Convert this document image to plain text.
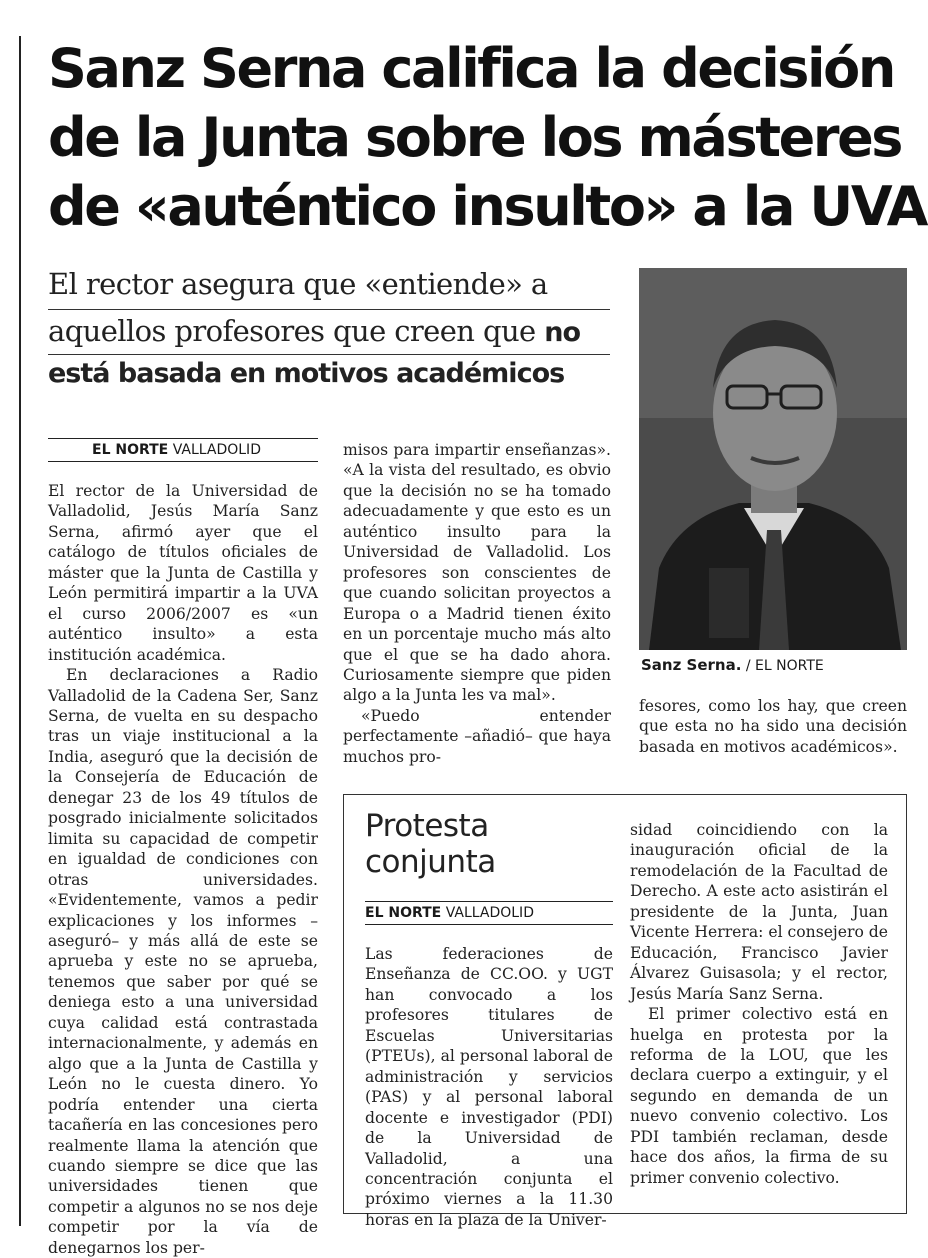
Sanz Serna califica la decisión
de la Junta sobre los másteres
de «auténtico insulto» a la UVA
El rector asegura que «entiende» a
aquellos profesores que creen que no
está basada en motivos académicos
Sanz Serna. / EL NORTE
EL NORTE VALLADOLID

El rector de la Universidad de Valladolid, Jesús María Sanz Serna, afirmó ayer que el catálogo de títulos oficiales de máster que la Junta de Castilla y León permitirá impartir a la UVA el curso 2006/2007 es «un auténtico insulto» a esta institución académica.

En declaraciones a Radio Valladolid de la Cadena Ser, Sanz Serna, de vuelta en su despacho tras un viaje institucional a la India, aseguró que la decisión de la Consejería de Educación de denegar 23 de los 49 títulos de posgrado inicialmente solicitados limita su capacidad de competir en igualdad de condiciones con otras universidades. «Evidentemente, vamos a pedir explicaciones y los informes –aseguró– y más allá de este se aprueba y este no se aprueba, tenemos que saber por qué se deniega esto a una universidad cuya calidad está contrastada internacionalmente, y además en algo que a la Junta de Castilla y León no le cuesta dinero. Yo podría entender una cierta tacañería en las concesiones pero realmente llama la atención que cuando siempre se dice que las universidades tienen que competir a algunos no se nos deje competir por la vía de denegarnos los per-

misos para impartir enseñanzas». «A la vista del resultado, es obvio que la decisión no se ha tomado adecuadamente y que esto es un auténtico insulto para la Universidad de Valladolid. Los profesores son conscientes de que cuando solicitan proyectos a Europa o a Madrid tienen éxito en un porcentaje mucho más alto que el que se ha dado ahora. Curiosamente siempre que piden algo a la Junta les va mal».

«Puedo entender perfectamente –añadió– que haya muchos pro-

fesores, como los hay, que creen que esta no ha sido una decisión basada en motivos académicos».

Protesta
conjunta
EL NORTE VALLADOLID

Las federaciones de Enseñanza de CC.OO. y UGT han convocado a los profesores titulares de Escuelas Universitarias (PTEUs), al personal laboral de administración y servicios (PAS) y al personal laboral docente e investigador (PDI) de la Universidad de Valladolid, a una concentración conjunta el próximo viernes a la 11.30 horas en la plaza de la Univer-

sidad coincidiendo con la inauguración oficial de la remodelación de la Facultad de Derecho. A este acto asistirán el presidente de la Junta, Juan Vicente Herrera: el consejero de Educación, Francisco Javier Álvarez Guisasola; y el rector, Jesús María Sanz Serna.

El primer colectivo está en huelga en protesta por la reforma de la LOU, que les declara cuerpo a extinguir, y el segundo en demanda de un nuevo convenio colectivo. Los PDI también reclaman, desde hace dos años, la firma de su primer convenio colectivo.
